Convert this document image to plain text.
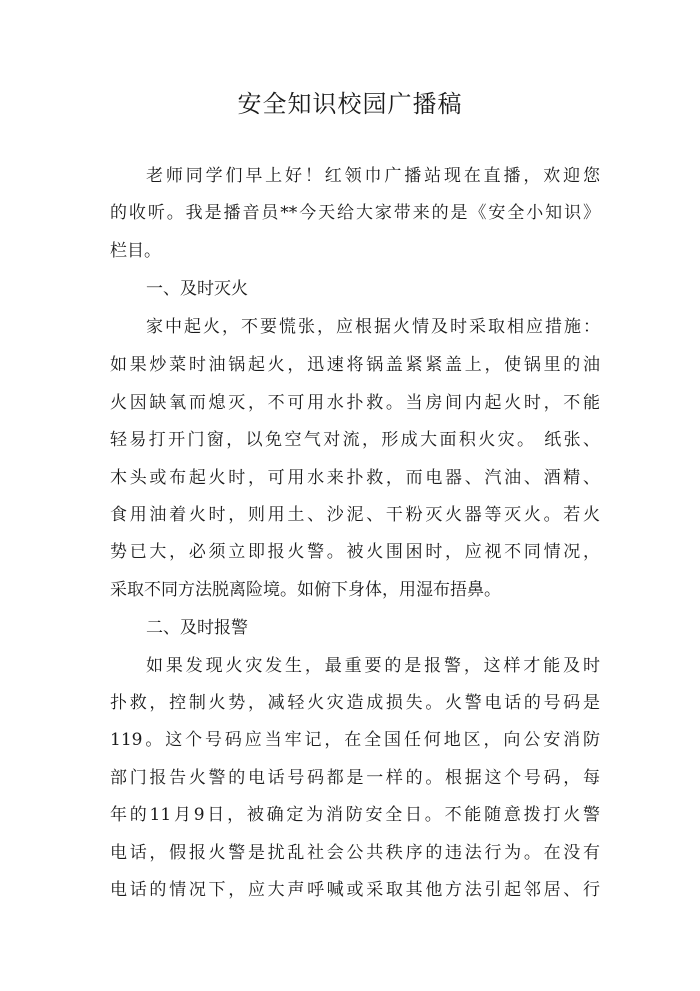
安全知识校园广播稿

老师同学们早上好！红领巾广播站现在直播，欢迎您

的收听。我是播音员**今天给大家带来的是《安全小知识》

栏目。

一、及时灭火

家中起火，不要慌张，应根据火情及时采取相应措施：

如果炒菜时油锅起火，迅速将锅盖紧紧盖上，使锅里的油

火因缺氧而熄灭，不可用水扑救。当房间内起火时，不能

轻易打开门窗，以免空气对流，形成大面积火灾。 纸张、

木头或布起火时，可用水来扑救，而电器、汽油、酒精、

食用油着火时，则用土、沙泥、干粉灭火器等灭火。若火

势已大，必须立即报火警。被火围困时，应视不同情况，

采取不同方法脱离险境。如俯下身体，用湿布捂鼻。

二、及时报警

如果发现火灾发生，最重要的是报警，这样才能及时

扑救，控制火势，减轻火灾造成损失。火警电话的号码是

119。这个号码应当牢记，在全国任何地区，向公安消防

部门报告火警的电话号码都是一样的。根据这个号码，每

年的11月9日，被确定为消防安全日。不能随意拨打火警

电话，假报火警是扰乱社会公共秩序的违法行为。在没有

电话的情况下，应大声呼喊或采取其他方法引起邻居、行
